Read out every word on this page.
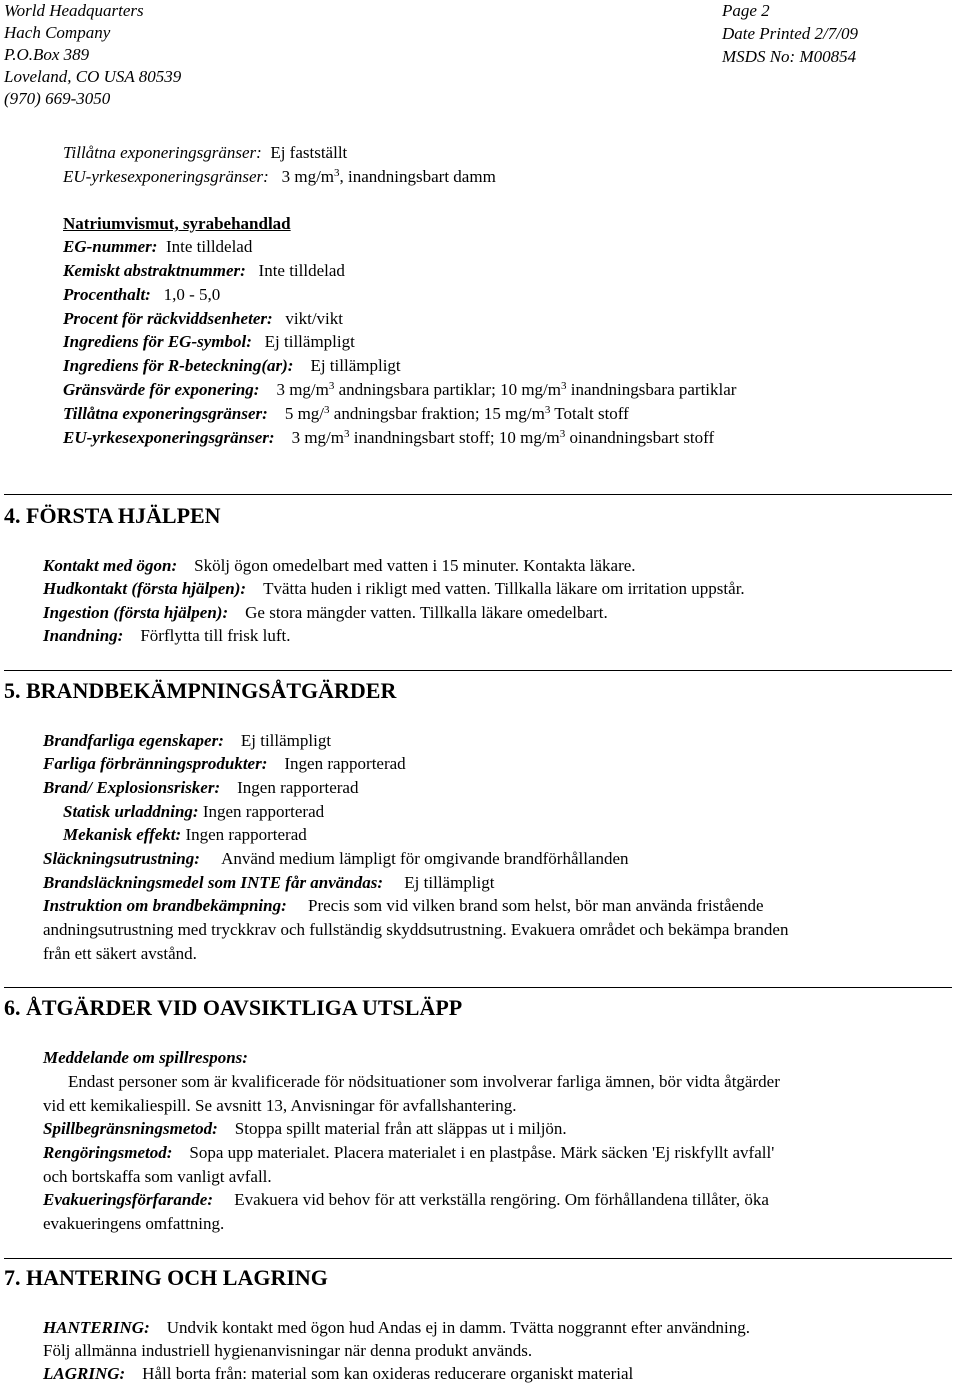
World Headquarters
Hach Company
P.O.Box 389
Loveland, CO USA 80539
(970) 669-3050
Page 2
Date Printed 2/7/09
MSDS No: M00854
Tillåtna exponeringsgränser: Ej fastställt
EU-yrkesexponeringsgränser: 3 $mg/m^3$, inandningsbart damm
Natriumvismut, syrabehandlad
EG-nummer: Inte tilldelad
Kemiskt abstraktnummer: Inte tilldelad
Procenthalt: 1,0 - 5,0
Procent för räckviddsenheter: vikt/vikt
Ingrediens för EG-symbol: Ej tillämpligt
Ingrediens för R-beteckning(ar): Ej tillämpligt
Gränsvärde för exponering: 3 $mg/m^3$ andningsbara partiklar; 10 $mg/m^3$ inandningsbara partiklar
Tillåtna exponeringsgränser: 5 mg/$^3$ andningsbar fraktion; 15 $mg/m^3$ Totalt stoff
EU-yrkesexponeringsgränser: 3 $mg/m^3$ inandningsbart stoff; 10 $mg/m^3$ oinandningsbart stoff
4. FÖRSTA HJÄLPEN
Kontakt med ögon: Skölj ögon omedelbart med vatten i 15 minuter. Kontakta läkare.
Hudkontakt (första hjälpen): Tvätta huden i rikligt med vatten. Tillkalla läkare om irritation uppstår.
Ingestion (första hjälpen): Ge stora mängder vatten. Tillkalla läkare omedelbart.
Inandning: Förflytta till frisk luft.
5. BRANDBEKÄMPNINGSÅTGÄRDER
Brandfarliga egenskaper: Ej tillämpligt
Farliga förbränningsprodukter: Ingen rapporterad
Brand/ Explosionsrisker: Ingen rapporterad
Statisk urladdning: Ingen rapporterad
Mekanisk effekt: Ingen rapporterad
Släckningsutrustning: Använd medium lämpligt för omgivande brandförhållanden
Brandsläckningsmedel som INTE får användas: Ej tillämpligt
Instruktion om brandbekämpning: Precis som vid vilken brand som helst, bör man använda fristående
andningsutrustning med tryckkrav och fullständig skyddsutrustning. Evakuera området och bekämpa branden
från ett säkert avstånd.
6. ÅTGÄRDER VID OAVSIKTLIGA UTSLÄPP
Meddelande om spillrespons:
Endast personer som är kvalificerade för nödsituationer som involverar farliga ämnen, bör vidta åtgärder
vid ett kemikaliespill. Se avsnitt 13, Anvisningar för avfallshantering.
Spillbegränsningsmetod: Stoppa spillt material från att släppas ut i miljön.
Rengöringsmetod: Sopa upp materialet. Placera materialet i en plastpåse. Märk säcken 'Ej riskfyllt avfall'
och bortskaffa som vanligt avfall.
Evakueringsförfarande: Evakuera vid behov för att verkställa rengöring. Om förhållandena tillåter, öka
evakueringens omfattning.
7. HANTERING OCH LAGRING
HANTERING: Undvik kontakt med ögon hud Andas ej in damm. Tvätta noggrannt efter användning.
Följ allmänna industriell hygienanvisningar när denna produkt används.
LAGRING: Håll borta från: material som kan oxideras reducerare organiskt material
